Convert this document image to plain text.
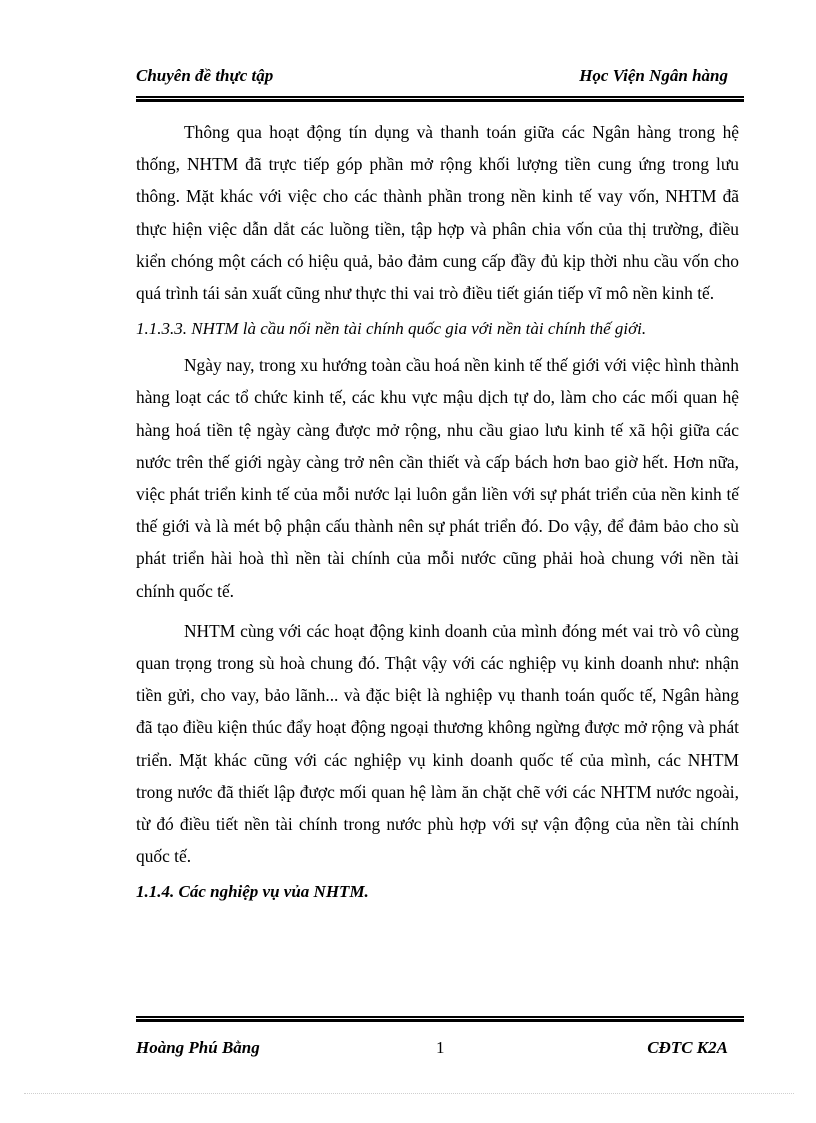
Chuyên đề thực tập	Học Viện Ngân hàng

Thông qua hoạt động tín dụng và thanh toán giữa các Ngân hàng trong hệ thống, NHTM đã trực tiếp góp phần mở rộng khối lượng tiền cung ứng trong lưu thông. Mặt khác với việc cho các thành phần trong nền kinh tế vay vốn, NHTM đã thực hiện việc dẫn dắt các luồng tiền, tập hợp và phân chia vốn của thị trường, điều kiển chóng một cách có hiệu quả, bảo đảm cung cấp đầy đủ kịp thời nhu cầu vốn cho quá trình tái sản xuất cũng như thực thi vai trò điều tiết gián tiếp vĩ mô nền kinh tế.

1.1.3.3. NHTM là cầu nối nền tài chính quốc gia với nền tài chính thế giới.

Ngày nay, trong xu hướng toàn cầu hoá nền kinh tế thế giới với việc hình thành hàng loạt các tổ chức kinh tế, các khu vực mậu dịch tự do, làm cho các mối quan hệ hàng hoá tiền tệ ngày càng được mở rộng, nhu cầu giao lưu kinh tế xã hội giữa các nước trên thế giới ngày càng trở nên cần thiết và cấp bách hơn bao giờ hết. Hơn nữa, việc phát triển kinh tế của mỗi nước lại luôn gắn liền với sự phát triển của nền kinh tế thế giới và là mét bộ phận cấu thành nên sự phát triển đó. Do vậy, để đảm bảo cho sù phát triển hài hoà thì nền tài chính của mỗi nước cũng phải hoà chung với nền tài chính quốc tế.

NHTM cùng với các hoạt động kinh doanh của mình đóng mét vai trò vô cùng quan trọng trong sù hoà chung đó. Thật vậy với các nghiệp vụ kinh doanh như: nhận tiền gửi, cho vay, bảo lãnh... và đặc biệt là nghiệp vụ thanh toán quốc tế, Ngân hàng đã tạo điều kiện thúc đẩy hoạt động ngoại thương không ngừng được mở rộng và phát triển. Mặt khác cũng với các nghiệp vụ kinh doanh quốc tế của mình, các NHTM trong nước đã thiết lập được mối quan hệ làm ăn chặt chẽ với các NHTM nước ngoài, từ đó điều tiết nền tài chính trong nước phù hợp với sự vận động của nền tài chính quốc tế.

1.1.4. Các nghiệp vụ vủa NHTM.

Hoàng Phú Bằng	1	CĐTC K2A
